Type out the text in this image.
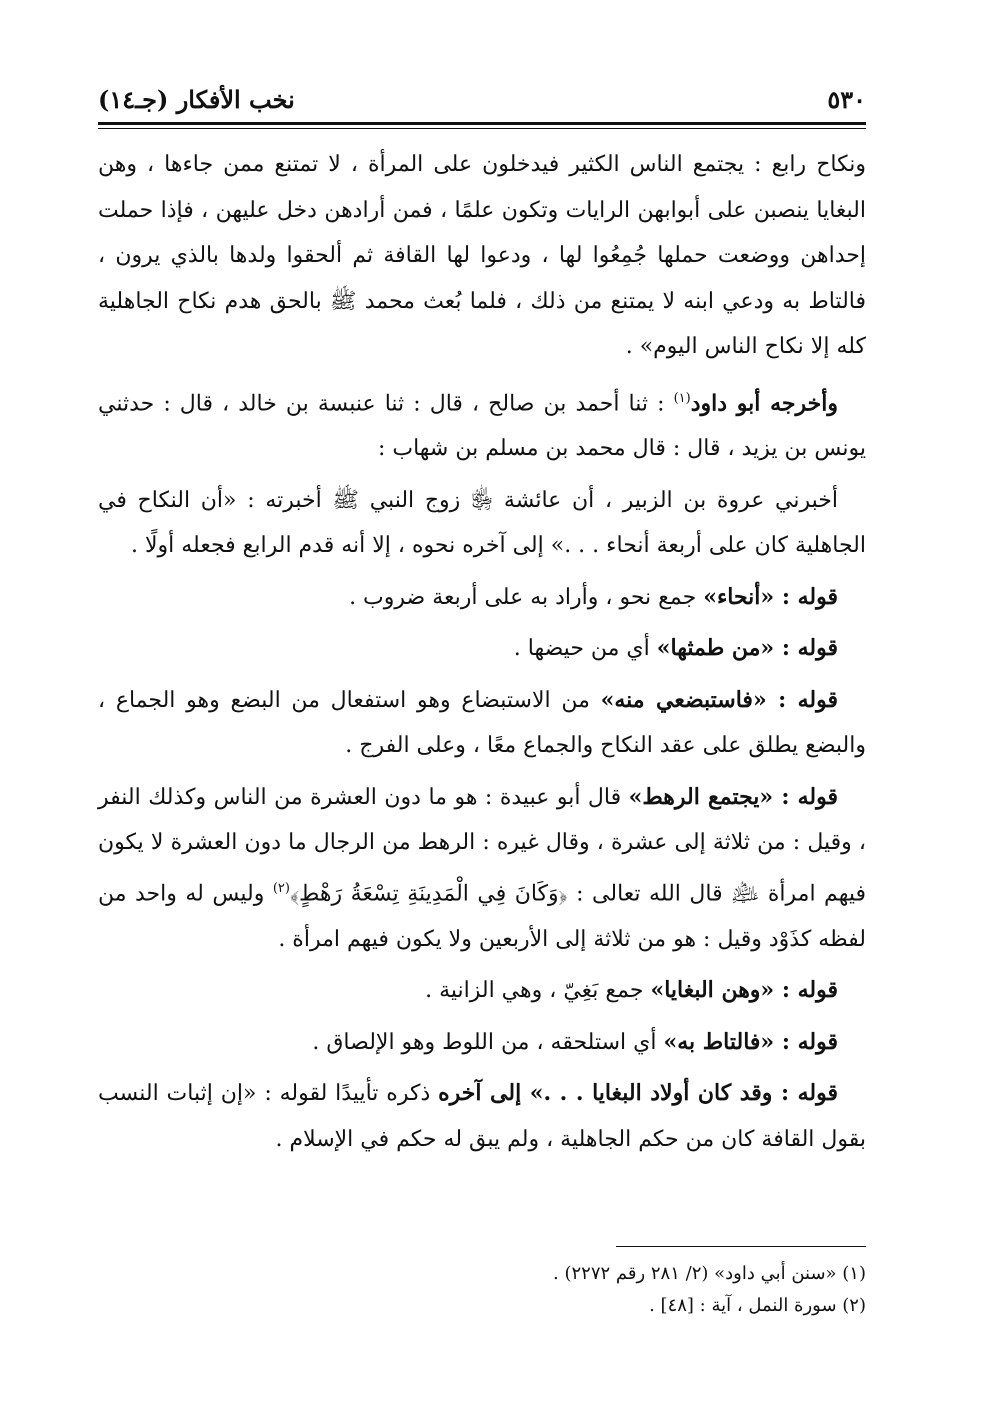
٥٣٠
نخب الأفكار (جـ١٤)

ونكاح رابع : يجتمع الناس الكثير فيدخلون على المرأة ، لا تمتنع ممن جاءها ، وهن البغايا ينصبن على أبوابهن الرايات وتكون علمًا ، فمن أرادهن دخل عليهن ، فإذا حملت إحداهن ووضعت حملها جُمِعُوا لها ، ودعوا لها القافة ثم ألحقوا ولدها بالذي يرون ، فالتاط به ودعي ابنه لا يمتنع من ذلك ، فلما بُعث محمد ﷺ بالحق هدم نكاح الجاهلية كله إلا نكاح الناس اليوم» .

وأخرجه أبو داود$^{(١)}$ : ثنا أحمد بن صالح ، قال : ثنا عنبسة بن خالد ، قال : حدثني يونس بن يزيد ، قال : قال محمد بن مسلم بن شهاب :

أخبرني عروة بن الزبير ، أن عائشة ﵂ زوج النبي ﷺ أخبرته : «أن النكاح في الجاهلية كان على أربعة أنحاء . . .» إلى آخره نحوه ، إلا أنه قدم الرابع فجعله أولًا .

قوله : «أنحاء» جمع نحو ، وأراد به على أربعة ضروب .

قوله : «من طمثها» أي من حيضها .

قوله : «فاستبضعي منه» من الاستبضاع وهو استفعال من البضع وهو الجماع ، والبضع يطلق على عقد النكاح والجماع معًا ، وعلى الفرج .

قوله : «يجتمع الرهط» قال أبو عبيدة : هو ما دون العشرة من الناس وكذلك النفر ، وقيل : من ثلاثة إلى عشرة ، وقال غيره : الرهط من الرجال ما دون العشرة لا يكون فيهم امرأة ﵇ قال الله تعالى : ﴿وَكَانَ فِي الْمَدِينَةِ تِسْعَةُ رَهْطٍ﴾$^{(٢)}$ وليس له واحد من لفظه كذَوْد وقيل : هو من ثلاثة إلى الأربعين ولا يكون فيهم امرأة .

قوله : «وهن البغايا» جمع بَغِيّ ، وهي الزانية .

قوله : «فالتاط به» أي استلحقه ، من اللوط وهو الإلصاق .

قوله : وقد كان أولاد البغايا . . .» إلى آخره ذكره تأييدًا لقوله : «إن إثبات النسب بقول القافة كان من حكم الجاهلية ، ولم يبق له حكم في الإسلام .

(١) «سنن أبي داود» (٢/ ٢٨١ رقم ٢٢٧٢) .
(٢) سورة النمل ، آية : [٤٨] .
